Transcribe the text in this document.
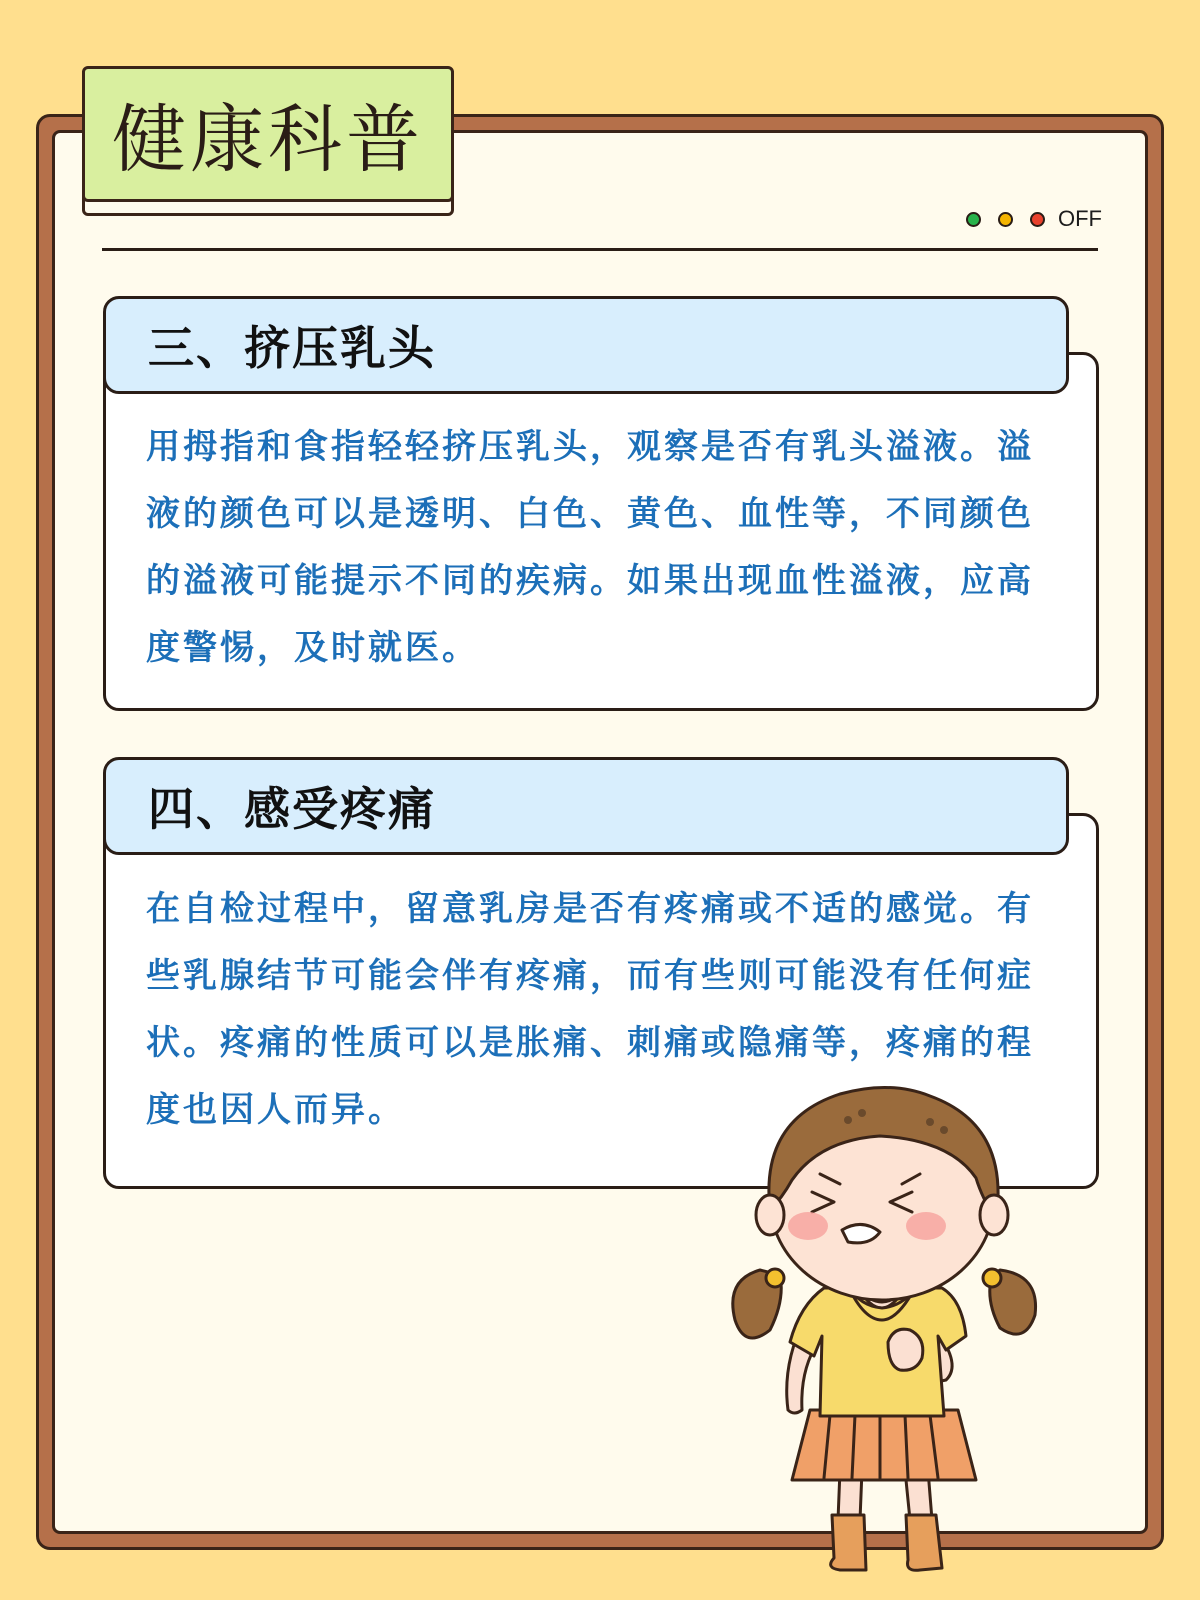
健康科普
OFF
三、挤压乳头
用拇指和食指轻轻挤压乳头，观察是否有乳头溢液。溢液的颜色可以是透明、白色、黄色、血性等，不同颜色的溢液可能提示不同的疾病。如果出现血性溢液，应高度警惕，及时就医。
四、感受疼痛
在自检过程中，留意乳房是否有疼痛或不适的感觉。有些乳腺结节可能会伴有疼痛，而有些则可能没有任何症状。疼痛的性质可以是胀痛、刺痛或隐痛等，疼痛的程度也因人而异。
